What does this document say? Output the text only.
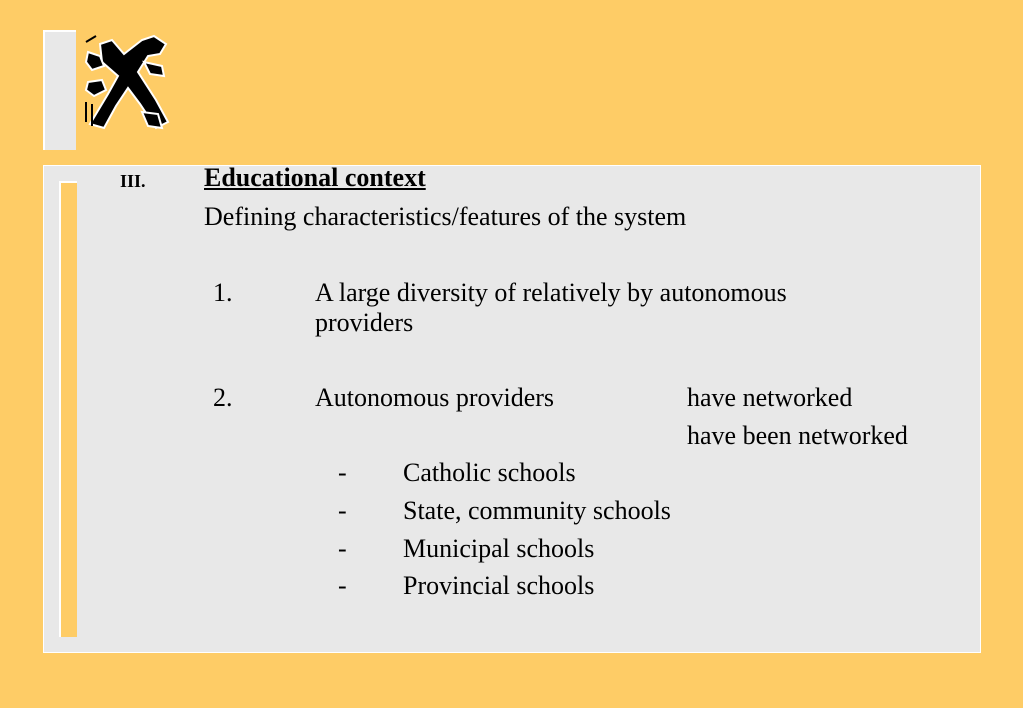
III. Educational context
Defining characteristics/features of the system
1.	A large diversity of relatively by autonomous
providers
2.	Autonomous providers	have networked
have been networked
- Catholic schools
- State, community schools
- Municipal schools
- Provincial schools
